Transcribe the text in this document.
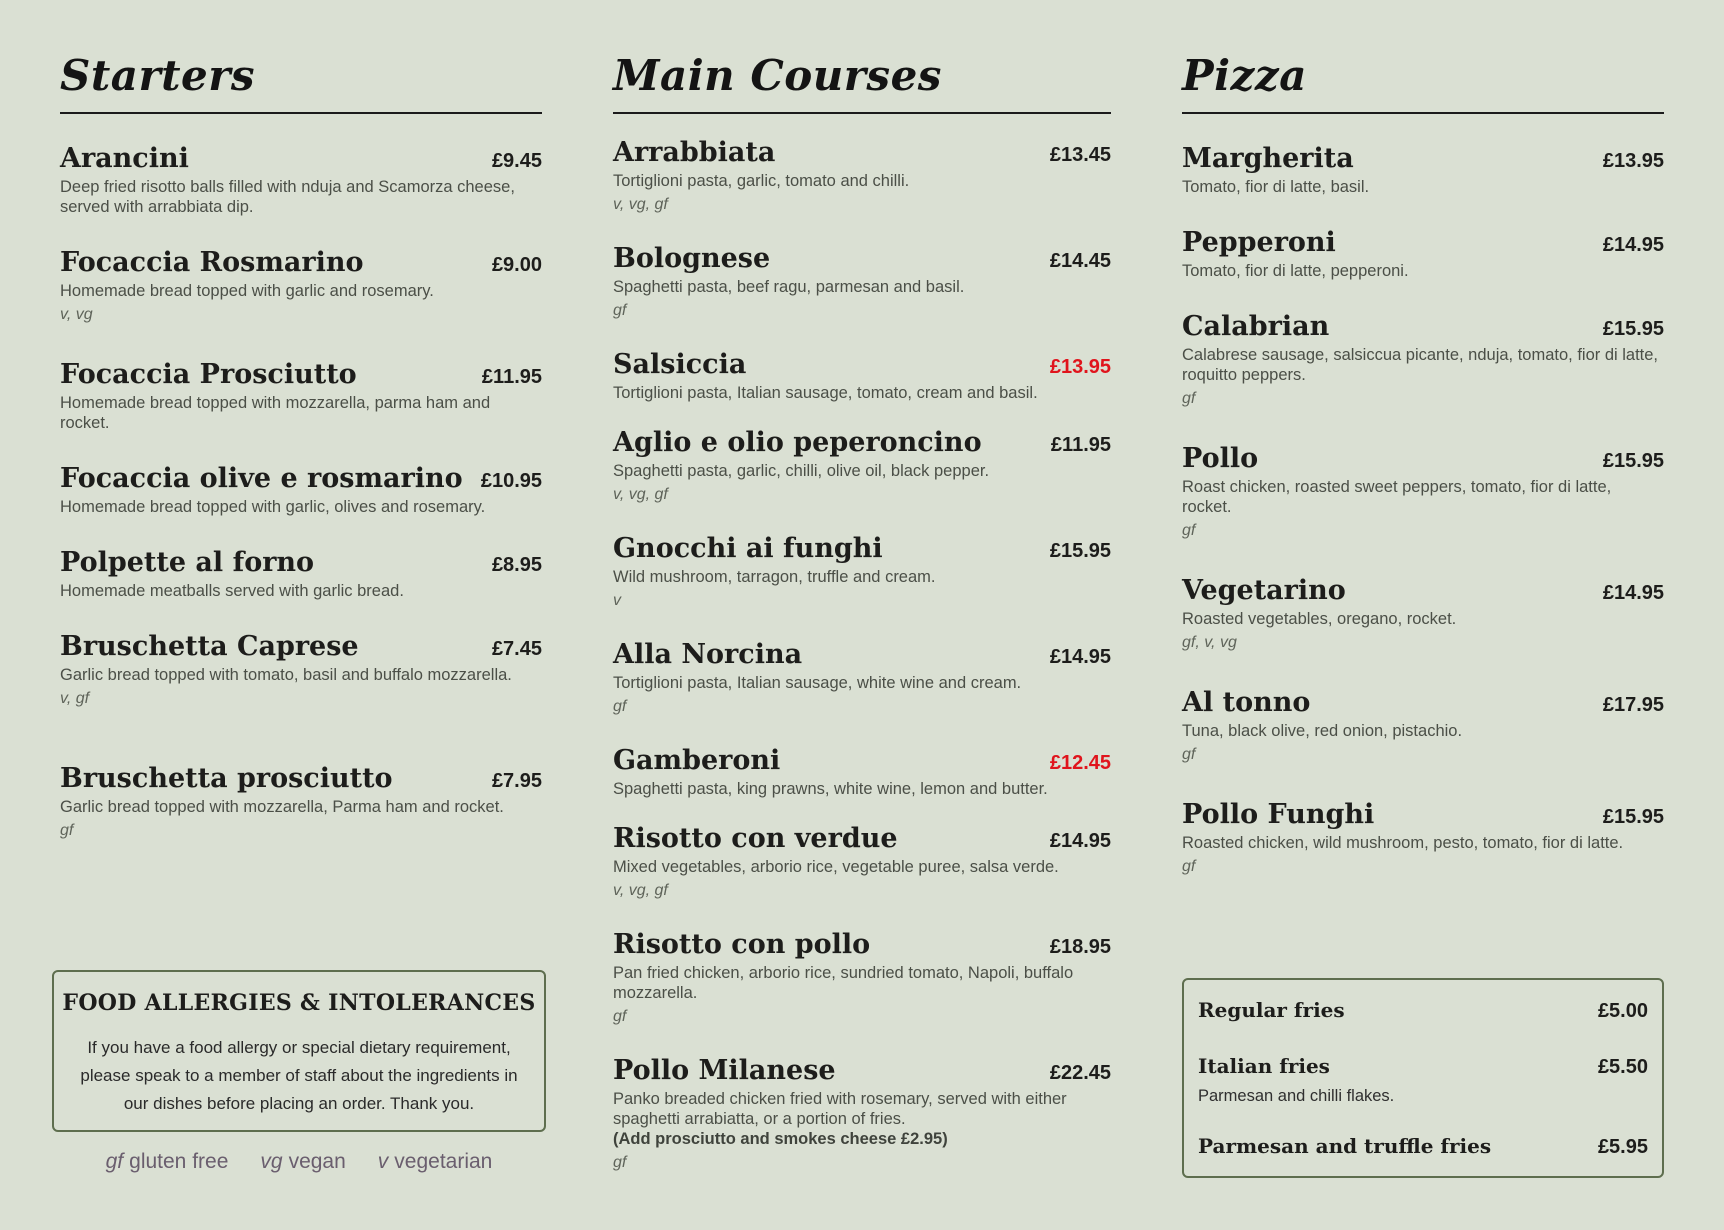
Starters
Arancini	£9.45
Deep fried risotto balls filled with nduja and Scamorza cheese, served with arrabbiata dip.
Focaccia Rosmarino	£9.00
Homemade bread topped with garlic and rosemary.
v, vg
Focaccia Prosciutto	£11.95
Homemade bread topped with mozzarella, parma ham and rocket.
Focaccia olive e rosmarino £10.95
Homemade bread topped with garlic, olives and rosemary.
Polpette al forno	£8.95
Homemade meatballs served with garlic bread.
Bruschetta Caprese	£7.45
Garlic bread topped with tomato, basil and buffalo mozzarella.
v, gf
Bruschetta prosciutto	£7.95
Garlic bread topped with mozzarella, Parma ham and rocket.
gf
FOOD ALLERGIES & INTOLERANCES
If you have a food allergy or special dietary requirement, please speak to a member of staff about the ingredients in our dishes before placing an order. Thank you.
gf gluten free vg vegan v vegetarian
Main Courses
Arrabbiata	£13.45
Tortiglioni pasta, garlic, tomato and chilli.
v, vg, gf
Bolognese	£14.45
Spaghetti pasta, beef ragu, parmesan and basil.
gf
Salsiccia	£13.95
Tortiglioni pasta, Italian sausage, tomato, cream and basil.
Aglio e olio peperoncino	£11.95
Spaghetti pasta, garlic, chilli, olive oil, black pepper.
v, vg, gf
Gnocchi ai funghi	£15.95
Wild mushroom, tarragon, truffle and cream.
v
Alla Norcina	£14.95
Tortiglioni pasta, Italian sausage, white wine and cream.
gf
Gamberoni	£12.45
Spaghetti pasta, king prawns, white wine, lemon and butter.
Risotto con verdue	£14.95
Mixed vegetables, arborio rice, vegetable puree, salsa verde.
v, vg, gf
Risotto con pollo	£18.95
Pan fried chicken, arborio rice, sundried tomato, Napoli, buffalo mozzarella.
gf
Pollo Milanese	£22.45
Panko breaded chicken fried with rosemary, served with either spaghetti arrabiatta, or a portion of fries.
(Add prosciutto and smokes cheese £2.95)
gf
Pizza
Margherita	£13.95
Tomato, fior di latte, basil.
Pepperoni	£14.95
Tomato, fior di latte, pepperoni.
Calabrian	£15.95
Calabrese sausage, salsiccua picante, nduja, tomato, fior di latte, roquitto peppers.
gf
Pollo	£15.95
Roast chicken, roasted sweet peppers, tomato, fior di latte, rocket.
gf
Vegetarino	£14.95
Roasted vegetables, oregano, rocket.
gf, v, vg
Al tonno	£17.95
Tuna, black olive, red onion, pistachio.
gf
Pollo Funghi	£15.95
Roasted chicken, wild mushroom, pesto, tomato, fior di latte.
gf
Regular fries	£5.00
Italian fries	£5.50
Parmesan and chilli flakes.
Parmesan and truffle fries	£5.95
